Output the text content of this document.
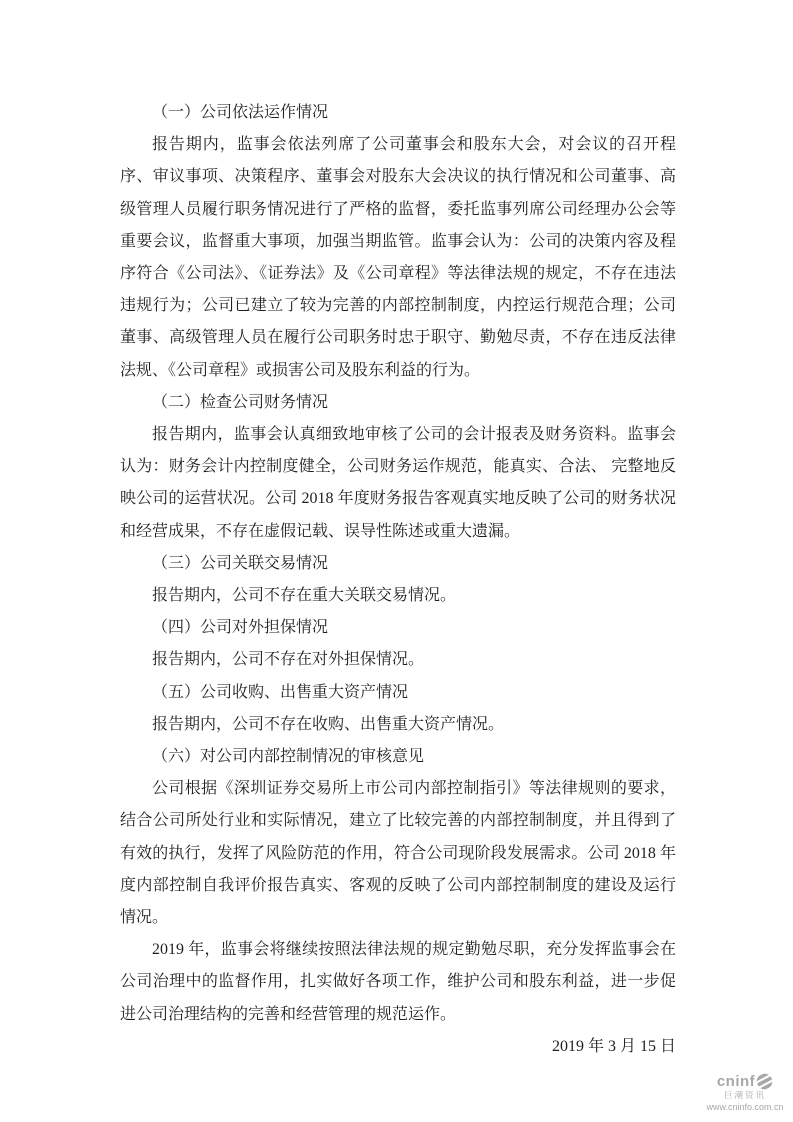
（一）公司依法运作情况

报告期内，监事会依法列席了公司董事会和股东大会，对会议的召开程序、审议事项、决策程序、董事会对股东大会决议的执行情况和公司董事、高级管理人员履行职务情况进行了严格的监督，委托监事列席公司经理办公会等重要会议，监督重大事项，加强当期监管。监事会认为：公司的决策内容及程序符合《公司法》、《证券法》及《公司章程》等法律法规的规定，不存在违法违规行为；公司已建立了较为完善的内部控制制度，内控运行规范合理；公司董事、高级管理人员在履行公司职务时忠于职守、勤勉尽责，不存在违反法律法规、《公司章程》或损害公司及股东利益的行为。

（二）检查公司财务情况

报告期内，监事会认真细致地审核了公司的会计报表及财务资料。监事会认为：财务会计内控制度健全，公司财务运作规范，能真实、合法、 完整地反映公司的运营状况。公司 2018 年度财务报告客观真实地反映了公司的财务状况和经营成果，不存在虚假记载、误导性陈述或重大遗漏。

（三）公司关联交易情况

报告期内，公司不存在重大关联交易情况。

（四）公司对外担保情况

报告期内，公司不存在对外担保情况。

（五）公司收购、出售重大资产情况

报告期内，公司不存在收购、出售重大资产情况。

（六）对公司内部控制情况的审核意见

公司根据《深圳证券交易所上市公司内部控制指引》等法律规则的要求，结合公司所处行业和实际情况，建立了比较完善的内部控制制度，并且得到了有效的执行，发挥了风险防范的作用，符合公司现阶段发展需求。公司 2018 年度内部控制自我评价报告真实、客观的反映了公司内部控制制度的建设及运行情况。

2019 年，监事会将继续按照法律法规的规定勤勉尽职，充分发挥监事会在公司治理中的监督作用，扎实做好各项工作，维护公司和股东利益，进一步促进公司治理结构的完善和经营管理的规范运作。

2019 年 3 月 15 日

cninf
巨潮资讯
www.cninfo.com.cn
